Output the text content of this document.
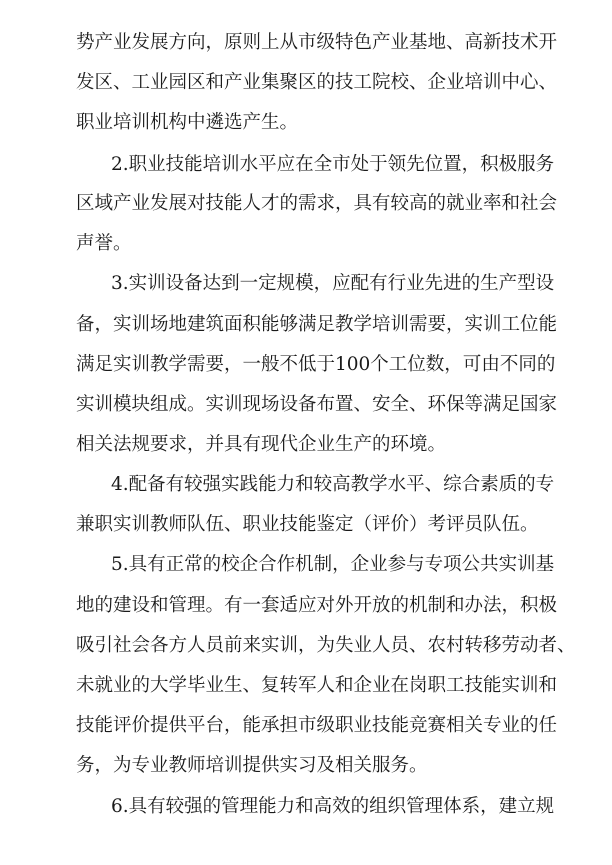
势产业发展方向，原则上从市级特色产业基地、高新技术开
发区、工业园区和产业集聚区的技工院校、企业培训中心、
职业培训机构中遴选产生。
2.职业技能培训水平应在全市处于领先位置，积极服务
区域产业发展对技能人才的需求，具有较高的就业率和社会
声誉。
3.实训设备达到一定规模，应配有行业先进的生产型设
备，实训场地建筑面积能够满足教学培训需要，实训工位能
满足实训教学需要，一般不低于100个工位数，可由不同的
实训模块组成。实训现场设备布置、安全、环保等满足国家
相关法规要求，并具有现代企业生产的环境。
4.配备有较强实践能力和较高教学水平、综合素质的专
兼职实训教师队伍、职业技能鉴定（评价）考评员队伍。
5.具有正常的校企合作机制，企业参与专项公共实训基
地的建设和管理。有一套适应对外开放的机制和办法，积极
吸引社会各方人员前来实训，为失业人员、农村转移劳动者、
未就业的大学毕业生、复转军人和企业在岗职工技能实训和
技能评价提供平台，能承担市级职业技能竞赛相关专业的任
务，为专业教师培训提供实习及相关服务。
6.具有较强的管理能力和高效的组织管理体系，建立规
